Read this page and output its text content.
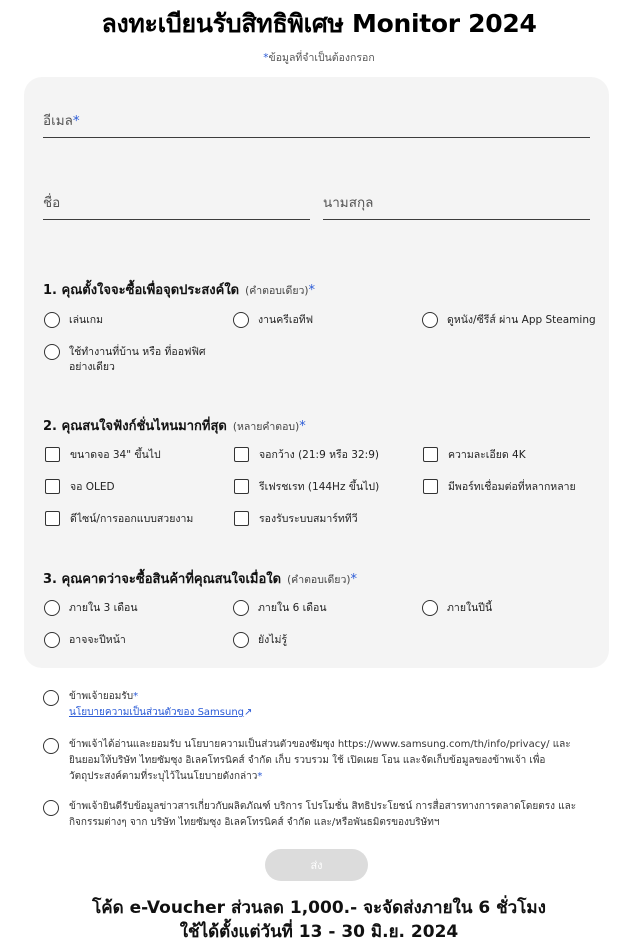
ลงทะเบียนรับสิทธิพิเศษ Monitor 2024
*ข้อมูลที่จำเป็นต้องกรอก
อีเมล*
ชื่อ	นามสกุล
1. คุณตั้งใจจะซื้อเพื่อจุดประสงค์ใด (คำตอบเดียว)*
เล่นเกม	งานครีเอทีฟ	ดูหนัง/ซีรีส์ ผ่าน App Steaming
ใช้ทำงานที่บ้าน หรือ ที่ออฟฟิศ
อย่างเดียว
2. คุณสนใจฟังก์ชั่นไหนมากที่สุด (หลายคำตอบ)*
ขนาดจอ 34" ขึ้นไป	จอกว้าง (21:9 หรือ 32:9)	ความละเอียด 4K
จอ OLED	รีเฟรชเรท (144Hz ขึ้นไป)	มีพอร์ทเชื่อมต่อที่หลากหลาย
ดีไซน์/การออกแบบสวยงาม	รองรับระบบสมาร์ททีวี
3. คุณคาดว่าจะซื้อสินค้าที่คุณสนใจเมื่อใด (คำตอบเดียว)*
ภายใน 3 เดือน	ภายใน 6 เดือน	ภายในปีนี้
อาจจะปีหน้า	ยังไม่รู้
ข้าพเจ้ายอมรับ*
นโยบายความเป็นส่วนตัวของ Samsung↗
ข้าพเจ้าได้อ่านและยอมรับ นโยบายความเป็นส่วนตัวของซัมซุง https://www.samsung.com/th/info/privacy/ และยินยอมให้บริษัท ไทยซัมซุง อิเลคโทรนิคส์ จำกัด เก็บ รวบรวม ใช้ เปิดเผย โอน และจัดเก็บข้อมูลของข้าพเจ้า เพื่อวัตถุประสงค์ตามที่ระบุไว้ในนโยบายดังกล่าว*
ข้าพเจ้ายินดีรับข้อมูลข่าวสารเกี่ยวกับผลิตภัณฑ์ บริการ โปรโมชั่น สิทธิประโยชน์ การสื่อสารทางการตลาดโดยตรง และกิจกรรมต่างๆ จาก บริษัท ไทยซัมซุง อิเลคโทรนิคส์ จำกัด และ/หรือพันธมิตรของบริษัทฯ
ส่ง
โค้ด e-Voucher ส่วนลด 1,000.- จะจัดส่งภายใน 6 ชั่วโมง
ใช้ได้ตั้งแต่วันที่ 13 - 30 มิ.ย. 2024
